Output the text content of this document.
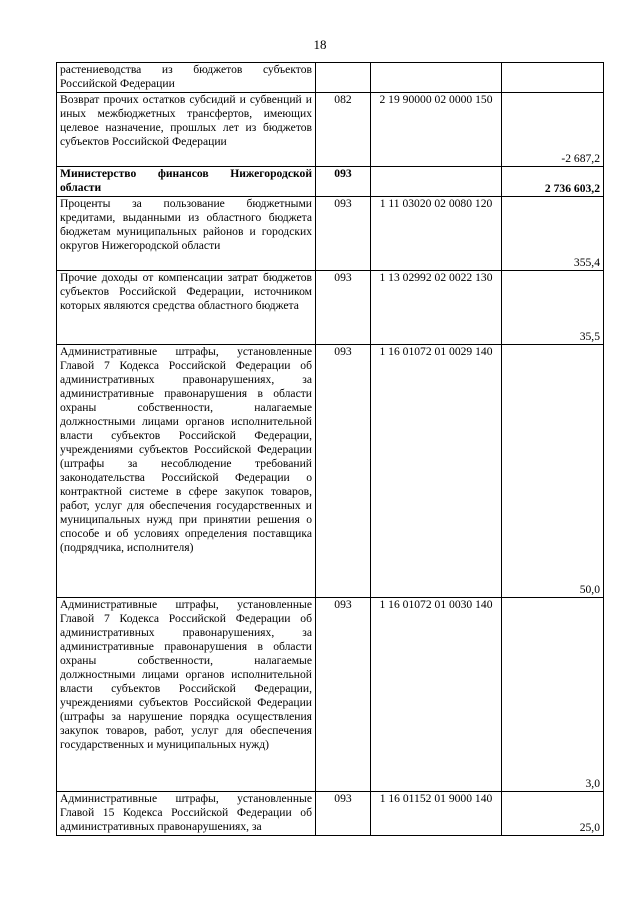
18
растениеводства из бюджетов субъектов Российской Федерации			
Возврат прочих остатков субсидий и субвенций и иных межбюджетных трансфертов, имеющих целевое назначение, прошлых лет из бюджетов субъектов Российской Федерации	082	2 19 90000 02 0000 150	-2 687,2
Министерство финансов Нижегородской области	093		2 736 603,2
Проценты за пользование бюджетными кредитами, выданными из областного бюджета бюджетам муниципальных районов и городских округов Нижегородской области	093	1 11 03020 02 0080 120	355,4
Прочие доходы от компенсации затрат бюджетов субъектов Российской Федерации, источником которых являются средства областного бюджета	093	1 13 02992 02 0022 130	35,5
Административные штрафы, установленные Главой 7 Кодекса Российской Федерации об административных правонарушениях, за административные правонарушения в области охраны собственности, налагаемые должностными лицами органов исполнительной власти субъектов Российской Федерации, учреждениями субъектов Российской Федерации (штрафы за несоблюдение требований законодательства Российской Федерации о контрактной системе в сфере закупок товаров, работ, услуг для обеспечения государственных и муниципальных нужд при принятии решения о способе и об условиях определения поставщика (подрядчика, исполнителя)	093	1 16 01072 01 0029 140	50,0
Административные штрафы, установленные Главой 7 Кодекса Российской Федерации об административных правонарушениях, за административные правонарушения в области охраны собственности, налагаемые должностными лицами органов исполнительной власти субъектов Российской Федерации, учреждениями субъектов Российской Федерации (штрафы за нарушение порядка осуществления закупок товаров, работ, услуг для обеспечения государственных и муниципальных нужд)	093	1 16 01072 01 0030 140	3,0
Административные штрафы, установленные Главой 15 Кодекса Российской Федерации об административных правонарушениях, за	093	1 16 01152 01 9000 140	25,0
